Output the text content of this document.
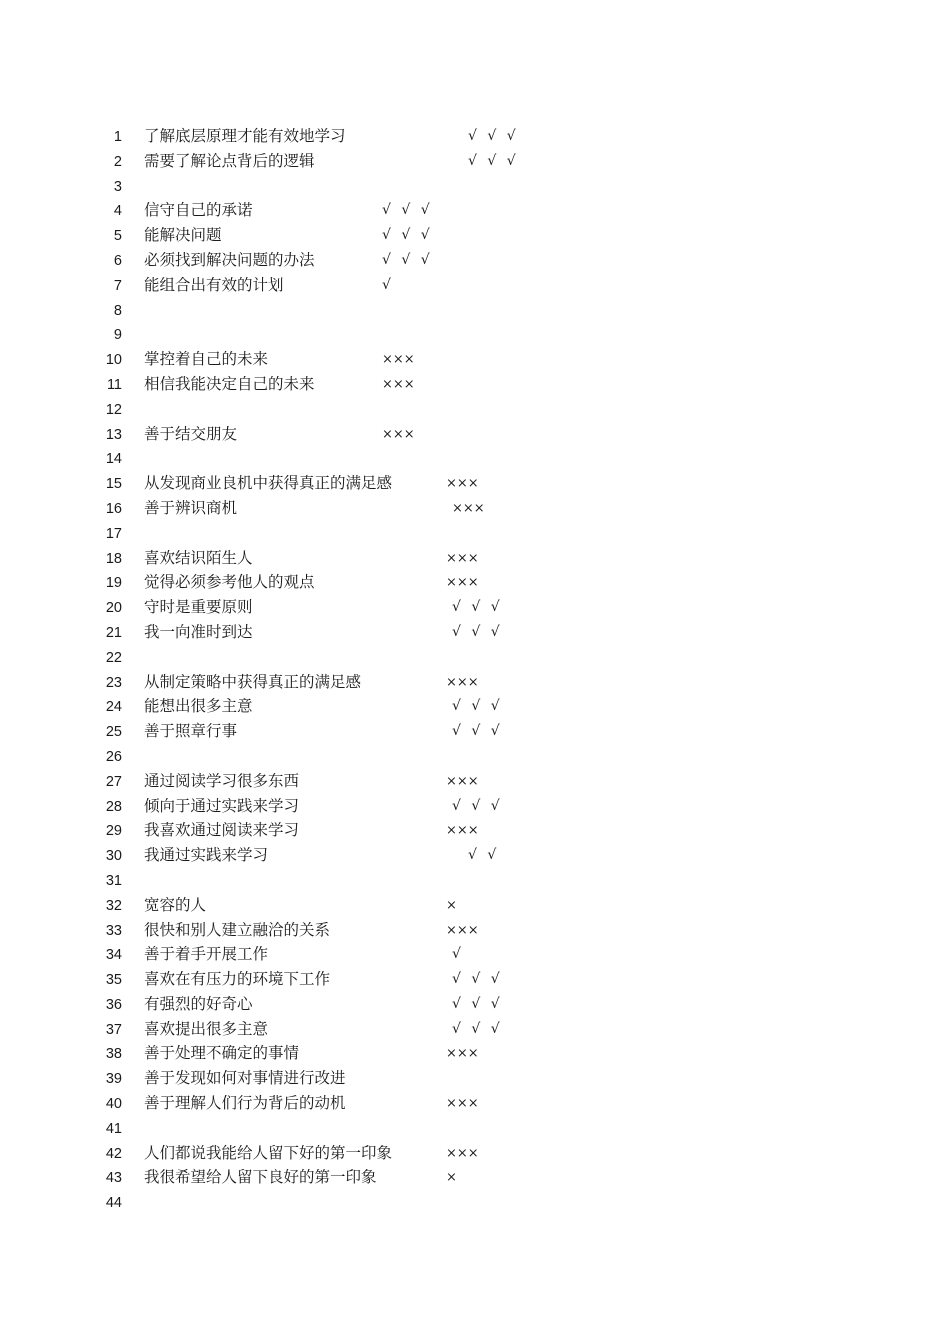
1 了解底层原理才能有效地学习	√ √ √
2 需要了解论点背后的逻辑	√ √ √
3
4 信守自己的承诺	√ √ √
5 能解决问题	√ √ √
6 必须找到解决问题的办法	√ √ √
7 能组合出有效的计划	√
8
9
10 掌控着自己的未来	×××
11 相信我能决定自己的未来	×××
12
13 善于结交朋友	×××
14
15 从发现商业良机中获得真正的满足感	×××
16 善于辨识商机	×××
17
18 喜欢结识陌生人	×××
19 觉得必须参考他人的观点	×××
20 守时是重要原则	√ √ √
21 我一向准时到达	√ √ √
22
23 从制定策略中获得真正的满足感	×××
24 能想出很多主意	√ √ √
25 善于照章行事	√ √ √
26
27 通过阅读学习很多东西	×××
28 倾向于通过实践来学习	√ √ √
29 我喜欢通过阅读来学习	×××
30 我通过实践来学习	√ √
31
32 宽容的人	×
33 很快和别人建立融洽的关系	×××
34 善于着手开展工作	√
35 喜欢在有压力的环境下工作	√ √ √
36 有强烈的好奇心	√ √ √
37 喜欢提出很多主意	√ √ √
38 善于处理不确定的事情	×××
39 善于发现如何对事情进行改进
40 善于理解人们行为背后的动机	×××
41
42 人们都说我能给人留下好的第一印象	×××
43 我很希望给人留下良好的第一印象	×
44
